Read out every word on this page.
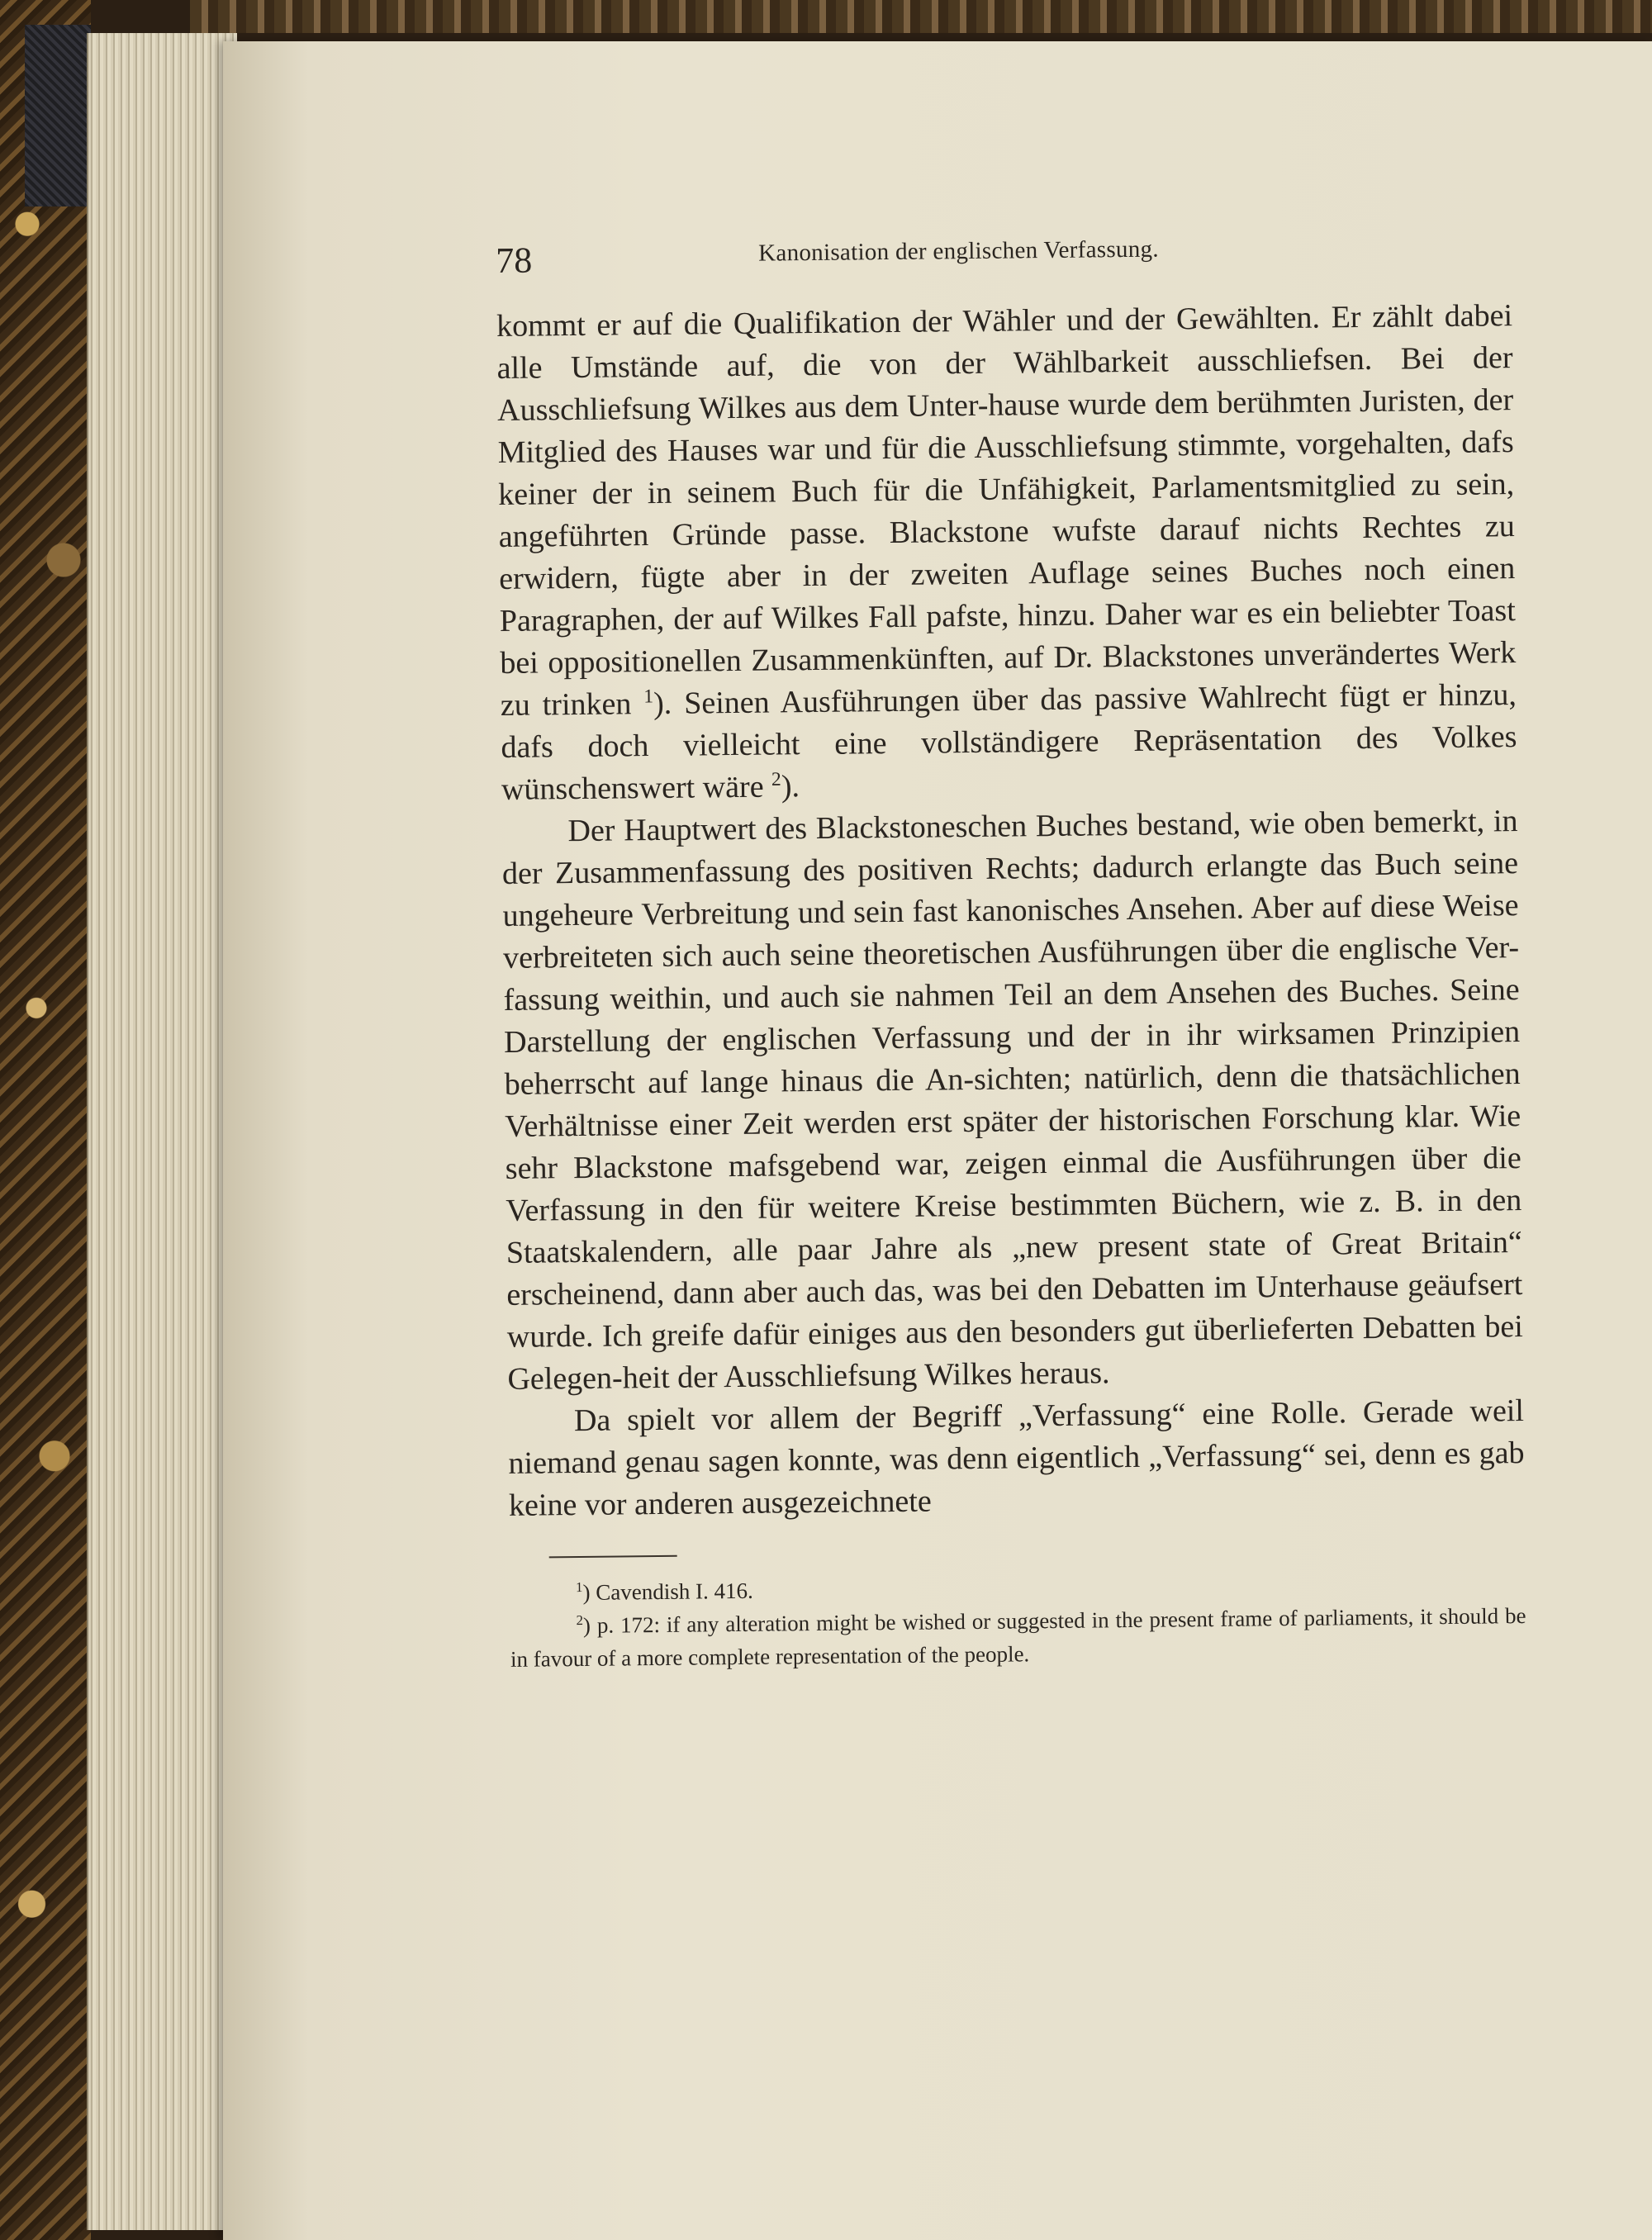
78	Kanonisation der englischen Verfassung.

kommt er auf die Qualifikation der Wähler und der Gewählten. Er zählt dabei alle Umstände auf, die von der Wählbarkeit ausschliefsen. Bei der Ausschliefsung Wilkes aus dem Unter-hause wurde dem berühmten Juristen, der Mitglied des Hauses war und für die Ausschliefsung stimmte, vorgehalten, dafs keiner der in seinem Buch für die Unfähigkeit, Parlamentsmitglied zu sein, angeführten Gründe passe. Blackstone wufste darauf nichts Rechtes zu erwidern, fügte aber in der zweiten Auflage seines Buches noch einen Paragraphen, der auf Wilkes Fall pafste, hinzu. Daher war es ein beliebter Toast bei oppositionellen Zusammenkünften, auf Dr. Blackstones unverändertes Werk zu trinken $^1$). Seinen Ausführungen über das passive Wahlrecht fügt er hinzu, dafs doch vielleicht eine vollständigere Repräsentation des Volkes wünschenswert wäre $^2$).

Der Hauptwert des Blackstoneschen Buches bestand, wie oben bemerkt, in der Zusammenfassung des positiven Rechts; dadurch erlangte das Buch seine ungeheure Verbreitung und sein fast kanonisches Ansehen. Aber auf diese Weise verbreiteten sich auch seine theoretischen Ausführungen über die englische Ver-fassung weithin, und auch sie nahmen Teil an dem Ansehen des Buches. Seine Darstellung der englischen Verfassung und der in ihr wirksamen Prinzipien beherrscht auf lange hinaus die An-sichten; natürlich, denn die thatsächlichen Verhältnisse einer Zeit werden erst später der historischen Forschung klar. Wie sehr Blackstone mafsgebend war, zeigen einmal die Ausführungen über die Verfassung in den für weitere Kreise bestimmten Büchern, wie z. B. in den Staatskalendern, alle paar Jahre als „new present state of Great Britain“ erscheinend, dann aber auch das, was bei den Debatten im Unterhause geäufsert wurde. Ich greife dafür einiges aus den besonders gut überlieferten Debatten bei Gelegen-heit der Ausschliefsung Wilkes heraus.

Da spielt vor allem der Begriff „Verfassung“ eine Rolle. Gerade weil niemand genau sagen konnte, was denn eigentlich „Verfassung“ sei, denn es gab keine vor anderen ausgezeichnete

$^1$) Cavendish I. 416.

$^2$) p. 172: if any alteration might be wished or suggested in the present frame of parliaments, it should be in favour of a more complete representation of the people.
